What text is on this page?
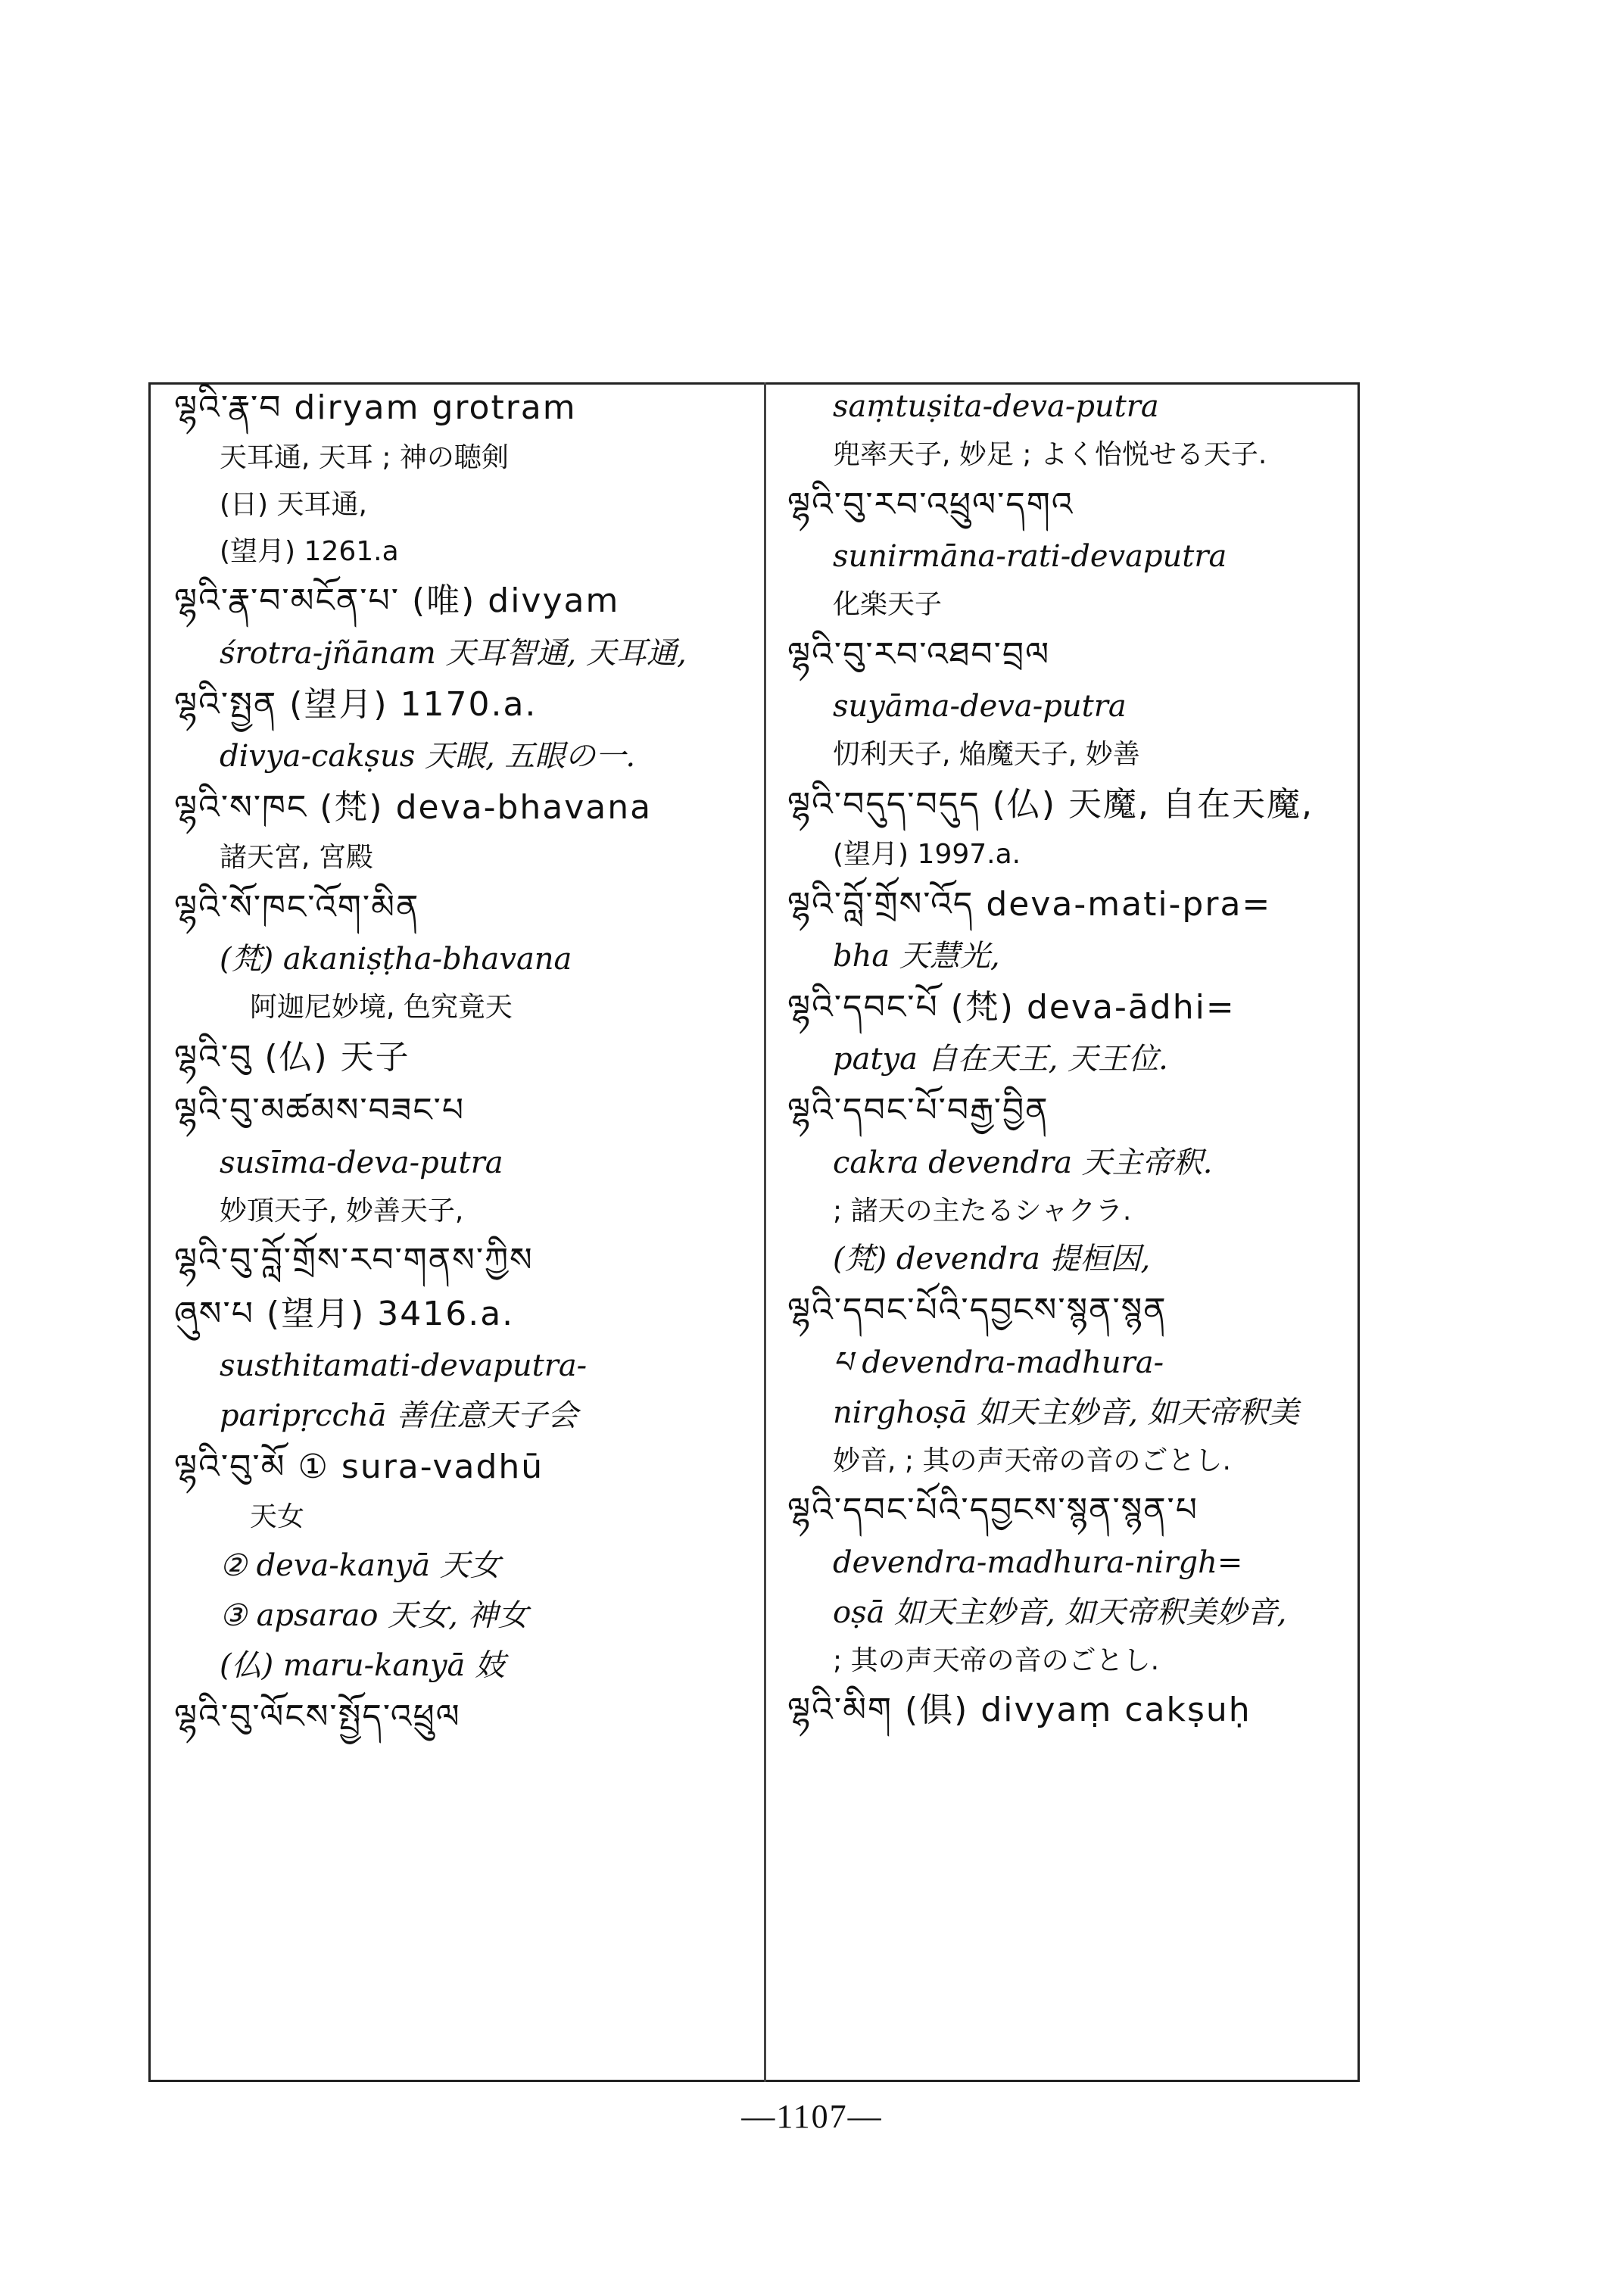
ལྷའི་རྣ་བ diryam grotram
天耳通, 天耳 ; 神の聴剣
(日) 天耳通,
(望月) 1261.a
ལྷའི་རྣ་བ་མངོན་པ་ (唯) divyam
śrotra-jñānam 天耳智通, 天耳通,
ལྷའི་སྤྱན (望月) 1170.a.
divya-cakṣus 天眼, 五眼の一.
ལྷའི་ས་ཁང (梵) deva-bhavana
諸天宮, 宮殿
ལྷའི་སོ་ཁང་འོག་མིན
(梵) akaniṣṭha-bhavana
阿迦尼妙境, 色究竟天
ལྷའི་བུ (仏) 天子
ལྷའི་བུ་མཚམས་བཟང་པ
susīma-deva-putra
妙頂天子, 妙善天子,
ལྷའི་བུ་བློ་གྲོས་རབ་གནས་ཀྱིས
ཞུས་པ (望月) 3416.a.
susthitamati-devaputra-
paripṛcchā 善住意天子会
ལྷའི་བུ་མོ ① sura-vadhū
天女
② deva-kanyā 天女
③ apsarao 天女, 神女
(仏) maru-kanyā 妓
ལྷའི་བུ་ལོངས་སྤྱོད་འཕྲུལ
saṃtuṣita-deva-putra
兜率天子, 妙足 ; よく怡悦せる天子.
ལྷའི་བུ་རབ་འཕྲུལ་དགའ
sunirmāna-rati-devaputra
化楽天子
ལྷའི་བུ་རབ་འཐབ་བྲལ
suyāma-deva-putra
忉利天子, 焔魔天子, 妙善
ལྷའི་བདུད་བདུད (仏) 天魔, 自在天魔,
(望月) 1997.a.
ལྷའི་བློ་གྲོས་འོད deva-mati-pra=
bha 天慧光,
ལྷའི་དབང་པོ (梵) deva-ādhi=
patya 自在天王, 天王位.
ལྷའི་དབང་པོ་བརྒྱ་བྱིན
cakra devendra 天主帝釈.
; 諸天の主たるシャクラ.
(梵) devendra 提桓因,
ལྷའི་དབང་པོའི་དབྱངས་སྙན་སྙན
པ devendra-madhura-
nirghoṣā 如天主妙音, 如天帝釈美
妙音, ; 其の声天帝の音のごとし.
ལྷའི་དབང་པོའི་དབྱངས་སྙན་སྙན་པ
devendra-madhura-nirgh=
oṣā 如天主妙音, 如天帝釈美妙音,
; 其の声天帝の音のごとし.
ལྷའི་མིག (俱) divyaṃ cakṣuḥ
—1107—
